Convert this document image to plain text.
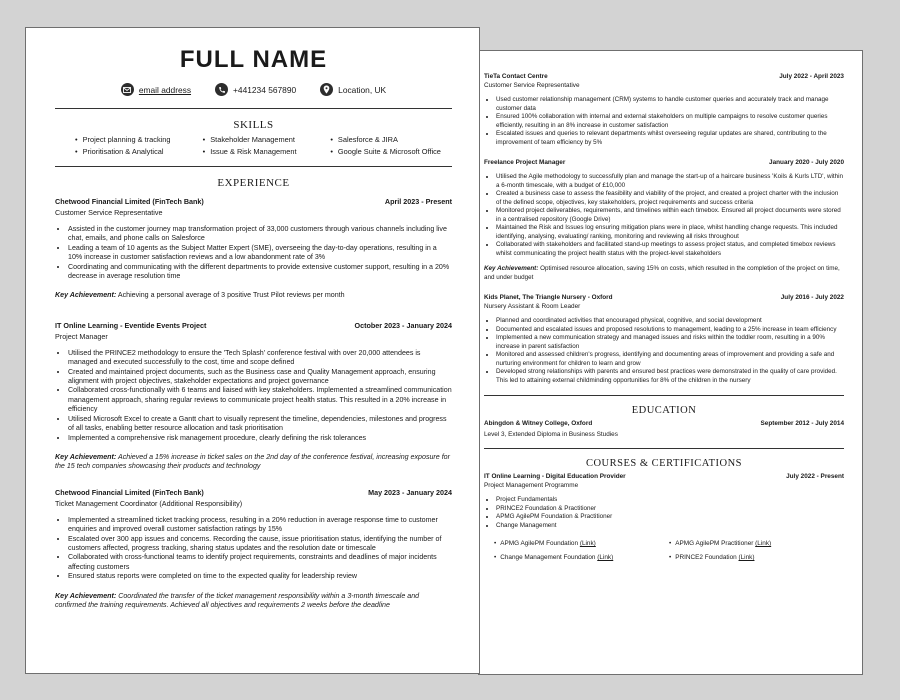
TieTa Contact Centre	July 2022 - April 2023
Customer Service Representative
• Used customer relationship management (CRM) systems to handle customer queries and accurately track and manage customer data
• Ensured 100% collaboration with internal and external stakeholders on multiple campaigns to resolve customer queries efficiently, resulting in an 8% increase in customer satisfaction
• Escalated issues and queries to relevant departments whilst overseeing regular updates are shared, contributing to the improvement of team efficiency by 5%
Freelance Project Manager	January 2020 - July 2020
• Utilised the Agile methodology to successfully plan and manage the start-up of a haircare business 'Koils & Kurls LTD', within a 6-month timescale, with a budget of £10,000
• Created a business case to assess the feasibility and viability of the project, and created a project charter with the inclusion of the defined scope, objectives, key stakeholders, project requirements and success criteria
• Monitored project deliverables, requirements, and timelines within each timebox. Ensured all project documents were stored in a centralised repository (Google Drive)
• Maintained the Risk and Issues log ensuring mitigation plans were in place, whilst handling change requests. This included identifying, analysing, evaluating/ ranking, monitoring and reviewing all risks throughout
• Collaborated with stakeholders and facilitated stand-up meetings to assess project status, and completed timebox reviews whilst communicating the project health status with the project-level stakeholders
Key Achievement: Optimised resource allocation, saving 15% on costs, which resulted in the completion of the project on time, and under budget
Kids Planet, The Triangle Nursery - Oxford	July 2016 - July 2022
Nursery Assistant & Room Leader
• Planned and coordinated activities that encouraged physical, cognitive, and social development
• Documented and escalated issues and proposed resolutions to management, leading to a 25% increase in team efficiency
• Implemented a new communication strategy and managed issues and risks within the toddler room, resulting in a 90% increase in parent satisfaction
• Monitored and assessed children's progress, identifying and documenting areas of improvement and providing a safe and nurturing environment for children to learn and grow
• Developed strong relationships with parents and ensured best practices were demonstrated in the quality of care provided. This led to attaining external childminding opportunities for 8% of the children in the nursery
EDUCATION
Abingdon & Witney College, Oxford	September 2012 - July 2014
Level 3, Extended Diploma in Business Studies
COURSES & CERTIFICATIONS
IT Online Learning - Digital Education Provider	July 2022 - Present
Project Management Programme
• Project Fundamentals
• PRINCE2 Foundation & Practitioner
• APMG AgilePM Foundation & Practitioner
• Change Management
• APMG AgilePM Foundation (Link)	• APMG AgilePM Practitioner (Link)
• Change Management Foundation (Link)	• PRINCE2 Foundation (Link)
FULL NAME
email address	+441234 567890	Location, UK
SKILLS
• Project planning & tracking	• Stakeholder Management	• Salesforce & JIRA
• Prioritisation & Analytical	• Issue & Risk Management	• Google Suite & Microsoft Office
EXPERIENCE
Chetwood Financial Limited (FinTech Bank)	April 2023 - Present
Customer Service Representative
• Assisted in the customer journey map transformation project of 33,000 customers through various channels including live chat, emails, and phone calls on Salesforce
• Leading a team of 10 agents as the Subject Matter Expert (SME), overseeing the day-to-day operations, resulting in a 10% increase in customer satisfaction reviews and a low abandonment rate of 3%
• Coordinating and communicating with the different departments to provide extensive customer support, resulting in a 20% decrease in average resolution time
Key Achievement: Achieving a personal average of 3 positive Trust Pilot reviews per month
IT Online Learning - Eventide Events Project	October 2023 - January 2024
Project Manager
• Utilised the PRINCE2 methodology to ensure the 'Tech Splash' conference festival with over 20,000 attendees is managed and executed successfully to the cost, time and scope defined
• Created and maintained project documents, such as the Business case and Quality Management approach, ensuring alignment with project objectives, stakeholder expectations and project governance
• Collaborated cross-functionally with 6 teams and liaised with key stakeholders. Implemented a streamlined communication management approach, sharing regular reviews to communicate project health status. This resulted in a 20% increase in efficiency
• Utilised Microsoft Excel to create a Gantt chart to visually represent the timeline, dependencies, milestones and progress of all tasks, enabling better resource allocation and task prioritisation
• Implemented a comprehensive risk management procedure, clearly defining the risk tolerances
Key Achievement: Achieved a 15% increase in ticket sales on the 2nd day of the conference festival, increasing exposure for the 15 tech companies showcasing their products and technology
Chetwood Financial Limited (FinTech Bank)	May 2023 - January 2024
Ticket Management Coordinator (Additional Responsibility)
• Implemented a streamlined ticket tracking process, resulting in a 20% reduction in average response time to customer enquiries and improved overall customer satisfaction ratings by 15%
• Escalated over 300 app issues and concerns. Recording the cause, issue prioritisation status, identifying the number of customers affected, progress tracking, sharing status updates and the resolution date or timescale
• Collaborated with cross-functional teams to identify project requirements, constraints and deadlines of major incidents affecting customers
• Ensured status reports were completed on time to the expected quality for leadership review
Key Achievement: Coordinated the transfer of the ticket management responsibility within a 3-month timescale and confirmed the training requirements. Achieved all objectives and requirements 2 weeks before the deadline
